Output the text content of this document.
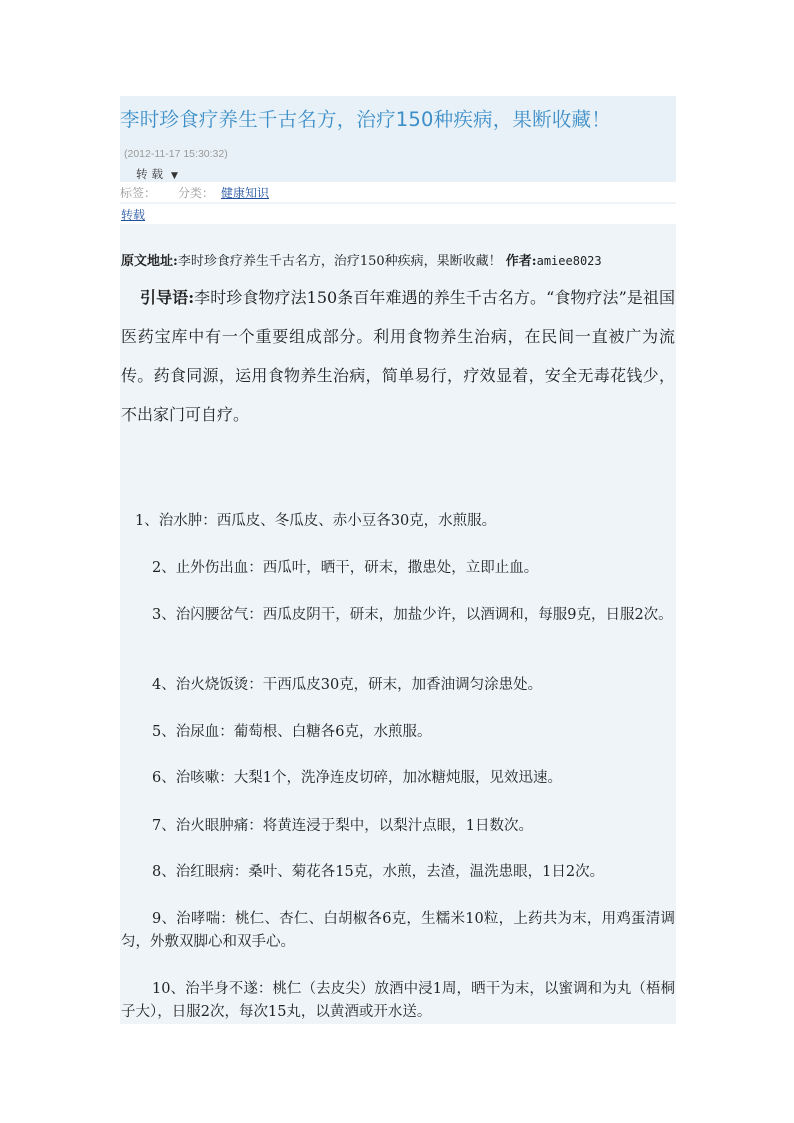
李时珍食疗养生千古名方，治疗150种疾病，果断收藏！
(2012-11-17 15:30:32)
转载 ▼
标签： 分类： 健康知识
转载
原文地址:李时珍食疗养生千古名方，治疗150种疾病，果断收藏！ 作者:amiee8023

引导语:李时珍食物疗法150条百年难遇的养生千古名方。“食物疗法”是祖国医药宝库中有一个重要组成部分。利用食物养生治病，在民间一直被广为流传。药食同源，运用食物养生治病，简单易行，疗效显着，安全无毒花钱少，不出家门可自疗。

1、治水肿：西瓜皮、冬瓜皮、赤小豆各30克，水煎服。

2、止外伤出血：西瓜叶，晒干，研末，撒患处，立即止血。

3、治闪腰岔气：西瓜皮阴干，研末，加盐少许，以酒调和，每服9克，日服2次。

4、治火烧饭烫：干西瓜皮30克，研末，加香油调匀涂患处。

5、治尿血：葡萄根、白糖各6克，水煎服。

6、治咳嗽：大梨1个，洗净连皮切碎，加冰糖炖服，见效迅速。

7、治火眼肿痛：将黄连浸于梨中，以梨汁点眼，1日数次。

8、治红眼病：桑叶、菊花各15克，水煎，去渣，温洗患眼，1日2次。

9、治哮喘：桃仁、杏仁、白胡椒各6克，生糯米10粒，上药共为末，用鸡蛋清调匀，外敷双脚心和双手心。

10、治半身不遂：桃仁（去皮尖）放酒中浸1周，晒干为末，以蜜调和为丸（梧桐子大），日服2次，每次15丸，以黄酒或开水送。
